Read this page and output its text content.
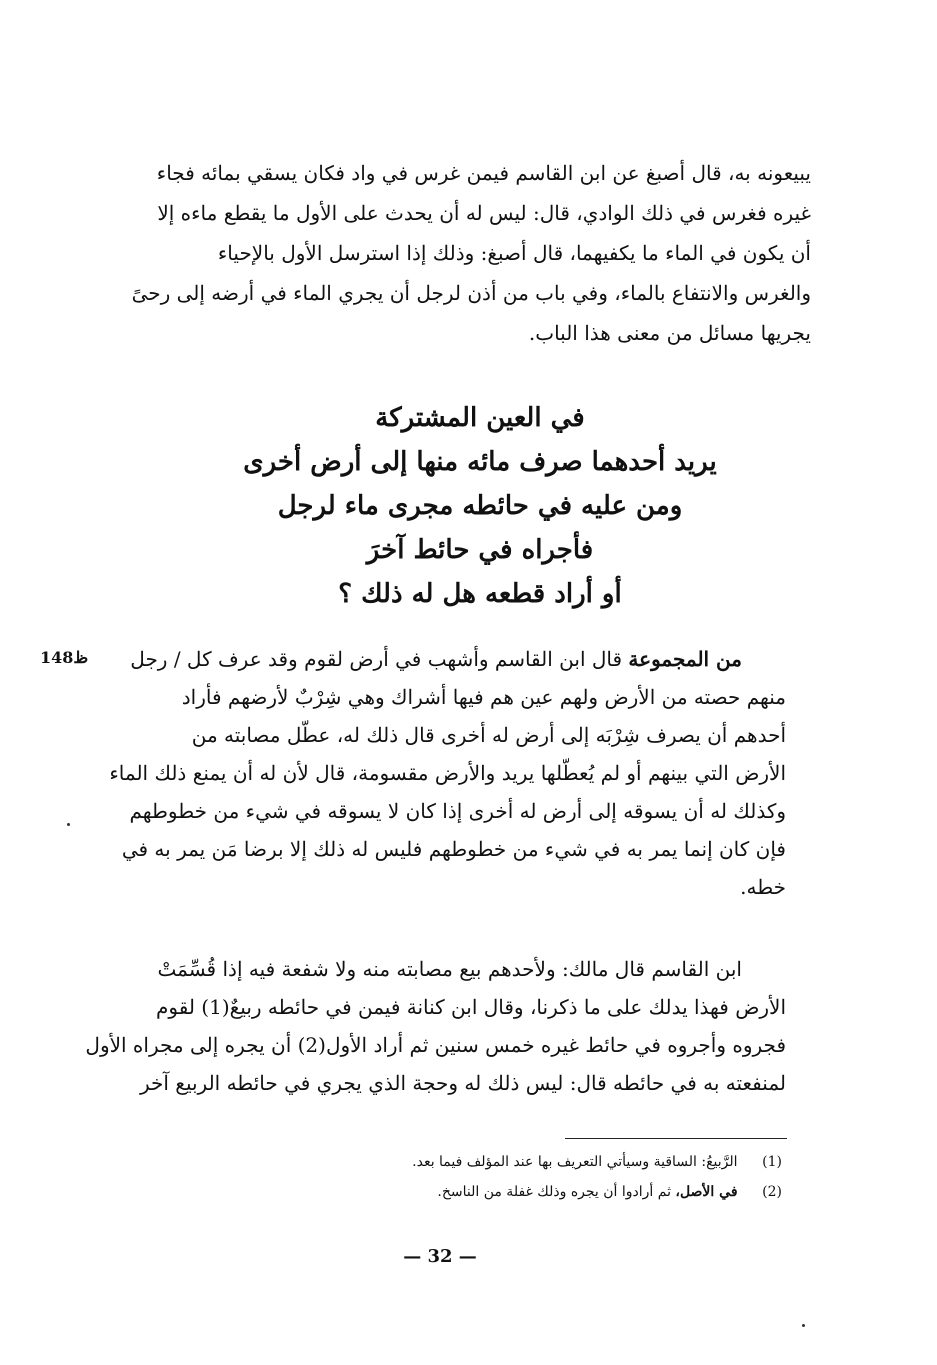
يبيعونه به، قال أصبغ عن ابن القاسم فيمن غرس في واد فكان يسقي بمائه فجاء
غيره فغرس في ذلك الوادي، قال: ليس له أن يحدث على الأول ما يقطع ماءه إلا
أن يكون في الماء ما يكفيهما، قال أصبغ: وذلك إذا استرسل الأول بالإحياء
والغرس والانتفاع بالماء، وفي باب من أذن لرجل أن يجري الماء في أرضه إلى رحىً
يجريها مسائل من معنى هذا الباب.
في العين المشتركة
يريد أحدهما صرف مائه منها إلى أرض أخرى
ومن عليه في حائطه مجرى ماء لرجل
فأجراه في حائط آخرَ
أو أراد قطعه هل له ذلك ؟
148ظ	من المجموعة قال ابن القاسم وأشهب في أرض لقوم وقد عرف كل / رجل
منهم حصته من الأرض ولهم عين هم فيها أشراك وهي شِرْبٌ لأرضهم فأراد
أحدهم أن يصرف شِرْبَه إلى أرض له أخرى قال ذلك له، عطّل مصابته من
الأرض التي بينهم أو لم يُعطّلها يريد والأرض مقسومة، قال لأن له أن يمنع ذلك الماء
وكذلك له أن يسوقه إلى أرض له أخرى إذا كان لا يسوقه في شيء من خطوطهم
فإن كان إنما يمر به في شيء من خطوطهم فليس له ذلك إلا برضا مَن يمر به في
خطه.
ابن القاسم قال مالك: ولأحدهم بيع مصابته منه ولا شفعة فيه إذا قُسِّمَتْ
الأرض فهذا يدلك على ما ذكرنا، وقال ابن كنانة فيمن في حائطه ربيعٌ(1) لقوم
فجروه وأجروه في حائط غيره خمس سنين ثم أراد الأول(2) أن يجره إلى مجراه الأول
لمنفعته به في حائطه قال: ليس ذلك له وحجة الذي يجري في حائطه الربيع آخر
(1) الرَّبيعُ: الساقية وسيأتي التعريف بها عند المؤلف فيما بعد.
(2) في الأصل، ثم أرادوا أن يجره وذلك غفلة من الناسخ.
— 32 —
